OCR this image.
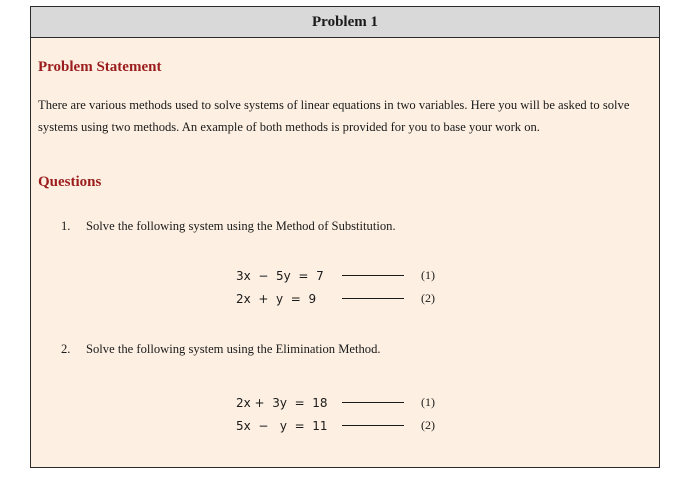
Problem 1
Problem Statement

There are various methods used to solve systems of linear equations in two variables. Here you will be asked to solve systems using two methods. An example of both methods is provided for you to base your work on.

Questions
1.	Solve the following system using the Method of Substitution.
3x  −  5y  =  7	(1)
2x  +  y  =  9	(2)
2.	Solve the following system using the Elimination Method.
2x +  3y  =  18	(1)
5x  −   y  =  11	(2)
